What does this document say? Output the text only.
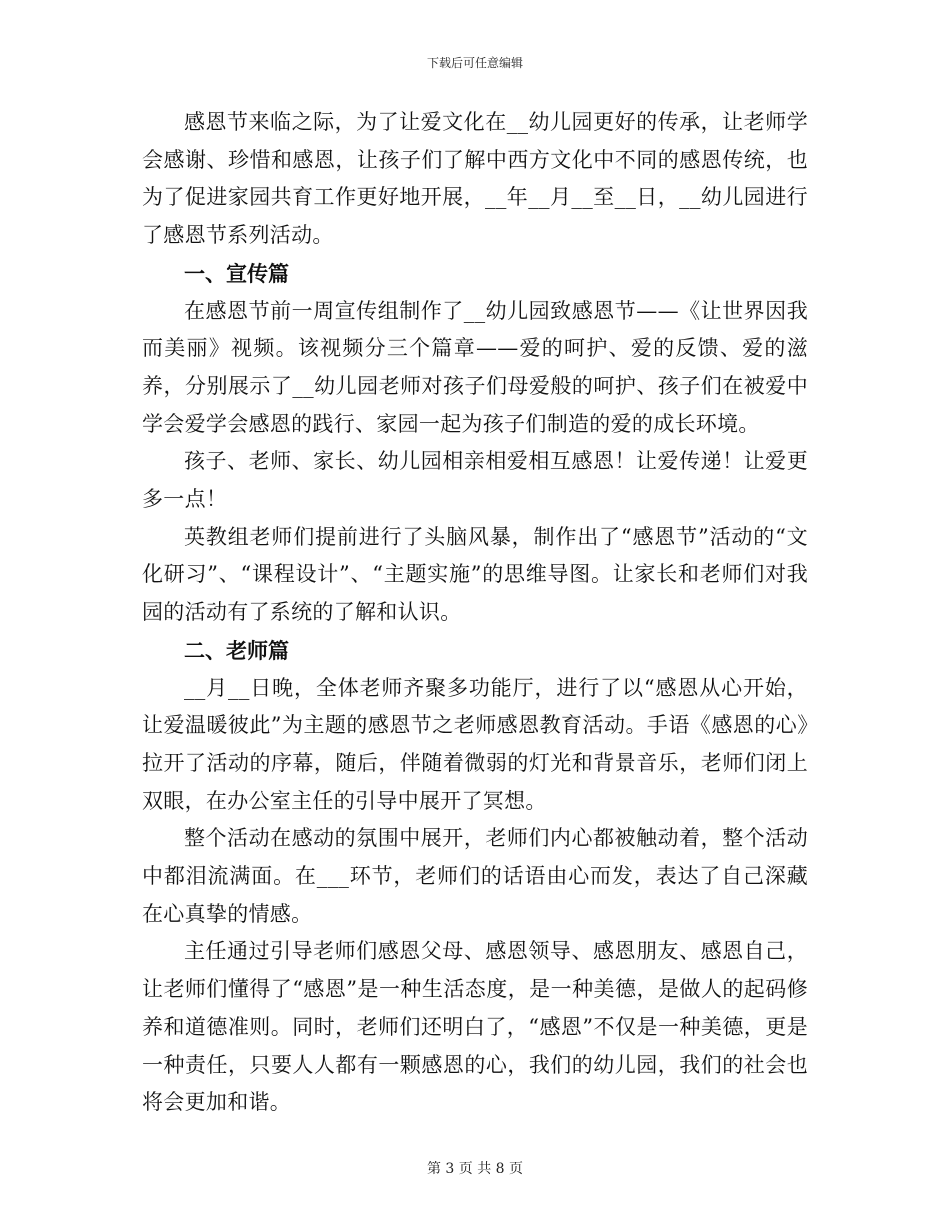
下载后可任意编辑

感恩节来临之际，为了让爱文化在__幼儿园更好的传承，让老师学会感谢、珍惜和感恩，让孩子们了解中西方文化中不同的感恩传统，也为了促进家园共育工作更好地开展，__年__月__至__日，__幼儿园进行了感恩节系列活动。

一、宣传篇

在感恩节前一周宣传组制作了__幼儿园致感恩节——《让世界因我而美丽》视频。该视频分三个篇章——爱的呵护、爱的反馈、爱的滋养，分别展示了__幼儿园老师对孩子们母爱般的呵护、孩子们在被爱中学会爱学会感恩的践行、家园一起为孩子们制造的爱的成长环境。

孩子、老师、家长、幼儿园相亲相爱相互感恩！让爱传递！让爱更多一点！

英教组老师们提前进行了头脑风暴，制作出了“感恩节”活动的“文化研习”、“课程设计”、“主题实施”的思维导图。让家长和老师们对我园的活动有了系统的了解和认识。

二、老师篇

__月__日晚，全体老师齐聚多功能厅，进行了以“感恩从心开始，让爱温暖彼此”为主题的感恩节之老师感恩教育活动。手语《感恩的心》拉开了活动的序幕，随后，伴随着微弱的灯光和背景音乐，老师们闭上双眼，在办公室主任的引导中展开了冥想。

整个活动在感动的氛围中展开，老师们内心都被触动着，整个活动中都泪流满面。在___环节，老师们的话语由心而发，表达了自己深藏在心真挚的情感。

主任通过引导老师们感恩父母、感恩领导、感恩朋友、感恩自己，让老师们懂得了“感恩”是一种生活态度，是一种美德，是做人的起码修养和道德准则。同时，老师们还明白了，“感恩”不仅是一种美德，更是一种责任，只要人人都有一颗感恩的心，我们的幼儿园，我们的社会也将会更加和谐。

第 3 页 共 8 页
